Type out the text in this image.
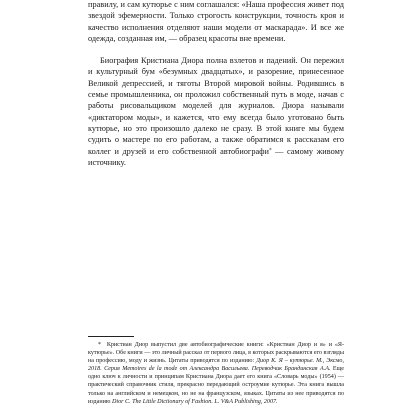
правилу, и сам кутюрье с ним соглашался: «Наша профессия живет под звездой эфемерности. Только строгость конструкции, точность кроя и качество исполнения отделяют наши модели от маскарада». И все же одежда, созданная им, — образец красоты вне времени.

Биография Кристиана Диора полна взлетов и падений. Он пережил и культурный бум «безумных двадцатых», и разорение, принесенное Великой депрессией, и тяготы Второй мировой войны. Родившись в семье промышленника, он проложил собственный путь в моде, начав с работы рисовальщиком моделей для журналов. Диора называли «диктатором моды», и кажется, что ему всегда было уготовано быть кутюрье, но это произошло далеко не сразу. В этой книге мы будем судить о мастере по его работам, а также обратимся к рассказам его коллег и друзей и его собственной автобиографи* — самому живому источнику.

* Кристиан Диор выпустил две автобиографические книги: «Кристиан Диор и я» и «Я-кутюрье». Обе книги — это личный рассказ от первого лица, в которых раскрываются его взгляды на профессию, моду и жизнь. Цитаты приводятся по изданию: Диор К. Я – кутюрье. М., Эксмо, 2018. Серия Memoires de la mode от Александра Васильева. Переводчик Брандинская А.А. Еще одно ключ к личности и принципам Кристиана Диора дает его книга «Словарь моды» (1954) — практический справочник стиля, прекрасно передающий остроумие кутюрье. Эта книга вышла только на английском и немецком, но не на французском, языках. Цитаты из нее приводятся по изданию Dior C. The Little Dictionary of Fashion. L. V&A Publishing, 2007.
